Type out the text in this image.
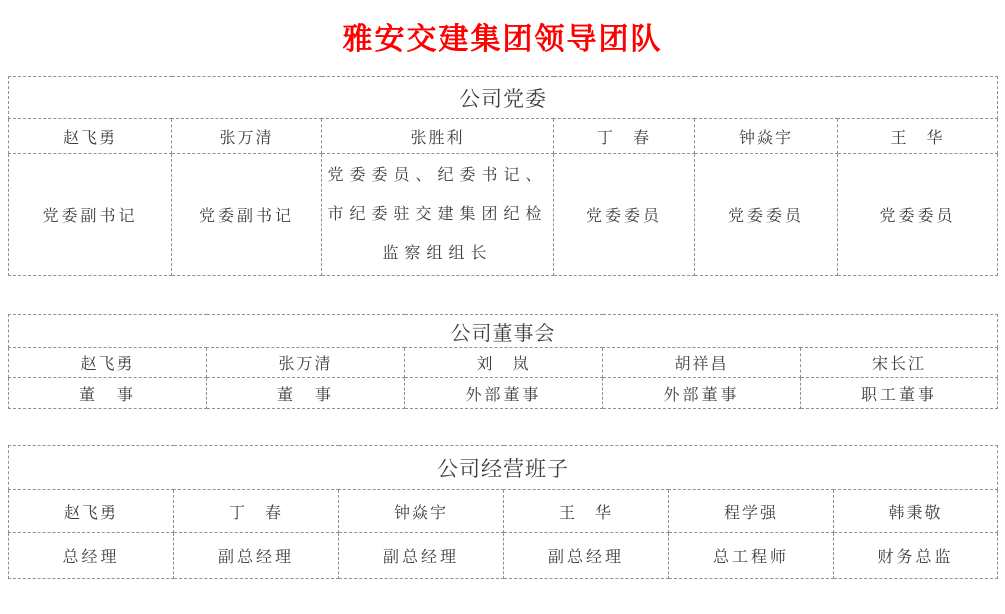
雅安交建集团领导团队
公司党委					
赵飞勇	张万清	张胜利	丁　春	钟焱宇	王　华
党委副书记	党委副书记	党委委员、纪委书记、市纪委驻交建集团纪检监察组组长	党委委员	党委委员	党委委员
公司董事会				
赵飞勇	张万清	刘　岚	胡祥昌	宋长江
董　事	董　事	外部董事	外部董事	职工董事
公司经营班子					
赵飞勇	丁　春	钟焱宇	王　华	程学强	韩秉敬
总经理	副总经理	副总经理	副总经理	总工程师	财务总监
